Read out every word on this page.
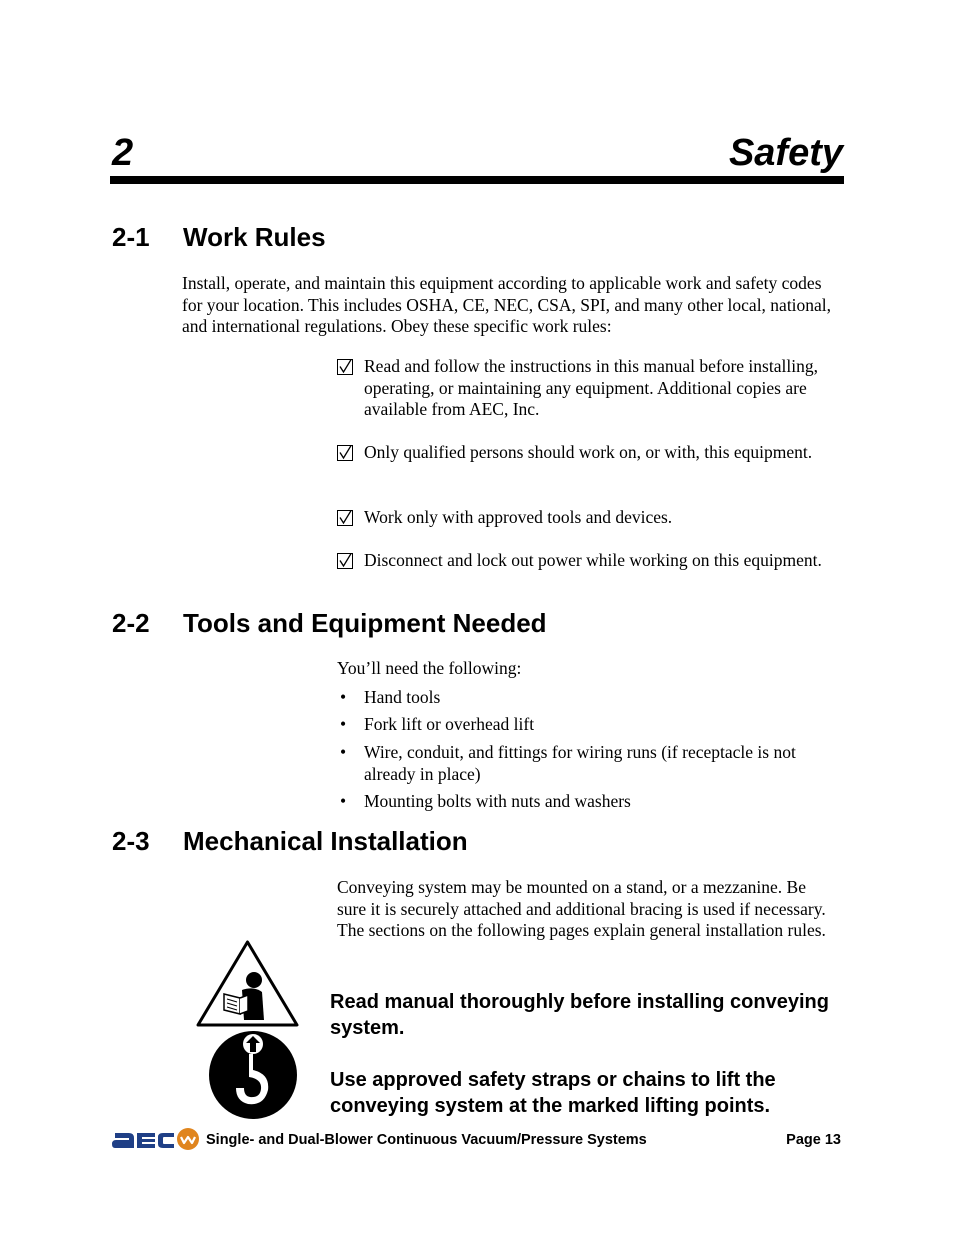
2	Safety
2-1 Work Rules
Install, operate, and maintain this equipment according to applicable work and safety codes for your location. This includes OSHA, CE, NEC, CSA, SPI, and many other local, national, and international regulations. Obey these specific work rules:
Read and follow the instructions in this manual before installing, operating, or maintaining any equipment. Additional copies are available from AEC, Inc.
Only qualified persons should work on, or with, this equipment.
Work only with approved tools and devices.
Disconnect and lock out power while working on this equipment.
2-2 Tools and Equipment Needed
You’ll need the following:
• Hand tools
• Fork lift or overhead lift
• Wire, conduit, and fittings for wiring runs (if receptacle is not already in place)
• Mounting bolts with nuts and washers
2-3 Mechanical Installation
Conveying system may be mounted on a stand, or a mezzanine. Be sure it is securely attached and additional bracing is used if necessary. The sections on the following pages explain general installation rules.
Read manual thoroughly before installing conveying system.
Use approved safety straps or chains to lift the conveying system at the marked lifting points.
Single- and Dual-Blower Continuous Vacuum/Pressure Systems	Page 13
